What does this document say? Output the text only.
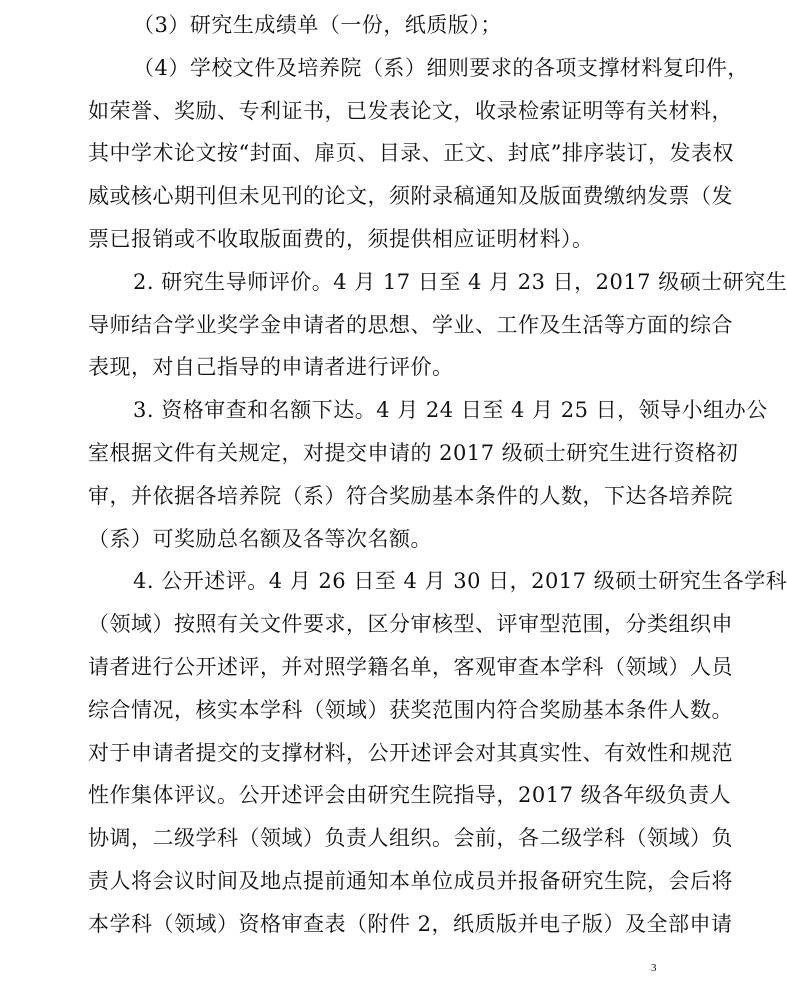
（3）研究生成绩单（一份，纸质版）；
（4）学校文件及培养院（系）细则要求的各项支撑材料复印件，
如荣誉、奖励、专利证书，已发表论文，收录检索证明等有关材料，
其中学术论文按“封面、扉页、目录、正文、封底”排序装订，发表权
威或核心期刊但未见刊的论文，须附录稿通知及版面费缴纳发票（发
票已报销或不收取版面费的，须提供相应证明材料）。
2. 研究生导师评价。4 月 17 日至 4 月 23 日，2017 级硕士研究生
导师结合学业奖学金申请者的思想、学业、工作及生活等方面的综合
表现，对自己指导的申请者进行评价。
3. 资格审查和名额下达。4 月 24 日至 4 月 25 日，领导小组办公
室根据文件有关规定，对提交申请的 2017 级硕士研究生进行资格初
审，并依据各培养院（系）符合奖励基本条件的人数，下达各培养院
（系）可奖励总名额及各等次名额。
4. 公开述评。4 月 26 日至 4 月 30 日，2017 级硕士研究生各学科
（领域）按照有关文件要求，区分审核型、评审型范围，分类组织申
请者进行公开述评，并对照学籍名单，客观审查本学科（领域）人员
综合情况，核实本学科（领域）获奖范围内符合奖励基本条件人数。
对于申请者提交的支撑材料，公开述评会对其真实性、有效性和规范
性作集体评议。公开述评会由研究生院指导，2017 级各年级负责人
协调，二级学科（领域）负责人组织。会前，各二级学科（领域）负
责人将会议时间及地点提前通知本单位成员并报备研究生院，会后将
3
本学科（领域）资格审查表（附件 2，纸质版并电子版）及全部申请
